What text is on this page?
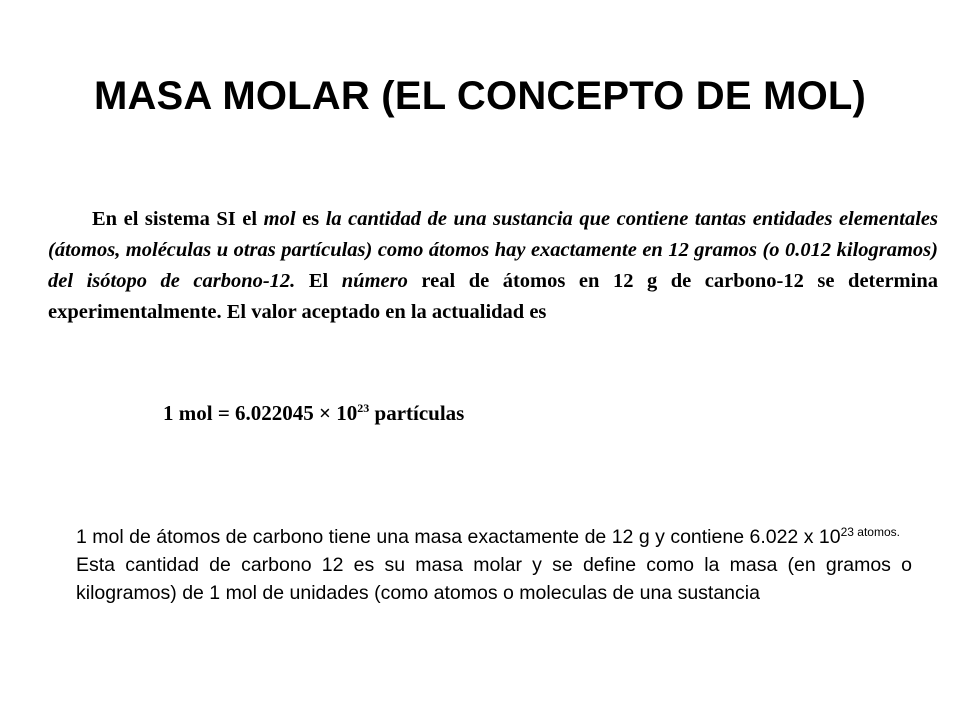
MASA MOLAR (EL CONCEPTO DE MOL)
En el sistema SI el mol es la cantidad de una sustancia que contiene tantas entidades elementales (átomos, moléculas u otras partículas) como átomos hay exactamente en 12 gramos (o 0.012 kilogramos) del isótopo de carbono-12. El número real de átomos en 12 g de carbono-12 se determina experimentalmente. El valor aceptado en la actualidad es
1 mol = $6.022045 \times 10^{23}$ partículas
1 mol de átomos de carbono tiene una masa exactamente de 12 g y contiene 6.022 x $10^{23 atomos.}Esta$ cantidad de carbono 12 es su masa molar y se define como la masa (en gramos o kilogramos) de 1 mol de unidades (como atomos o moleculas de una sustancia
